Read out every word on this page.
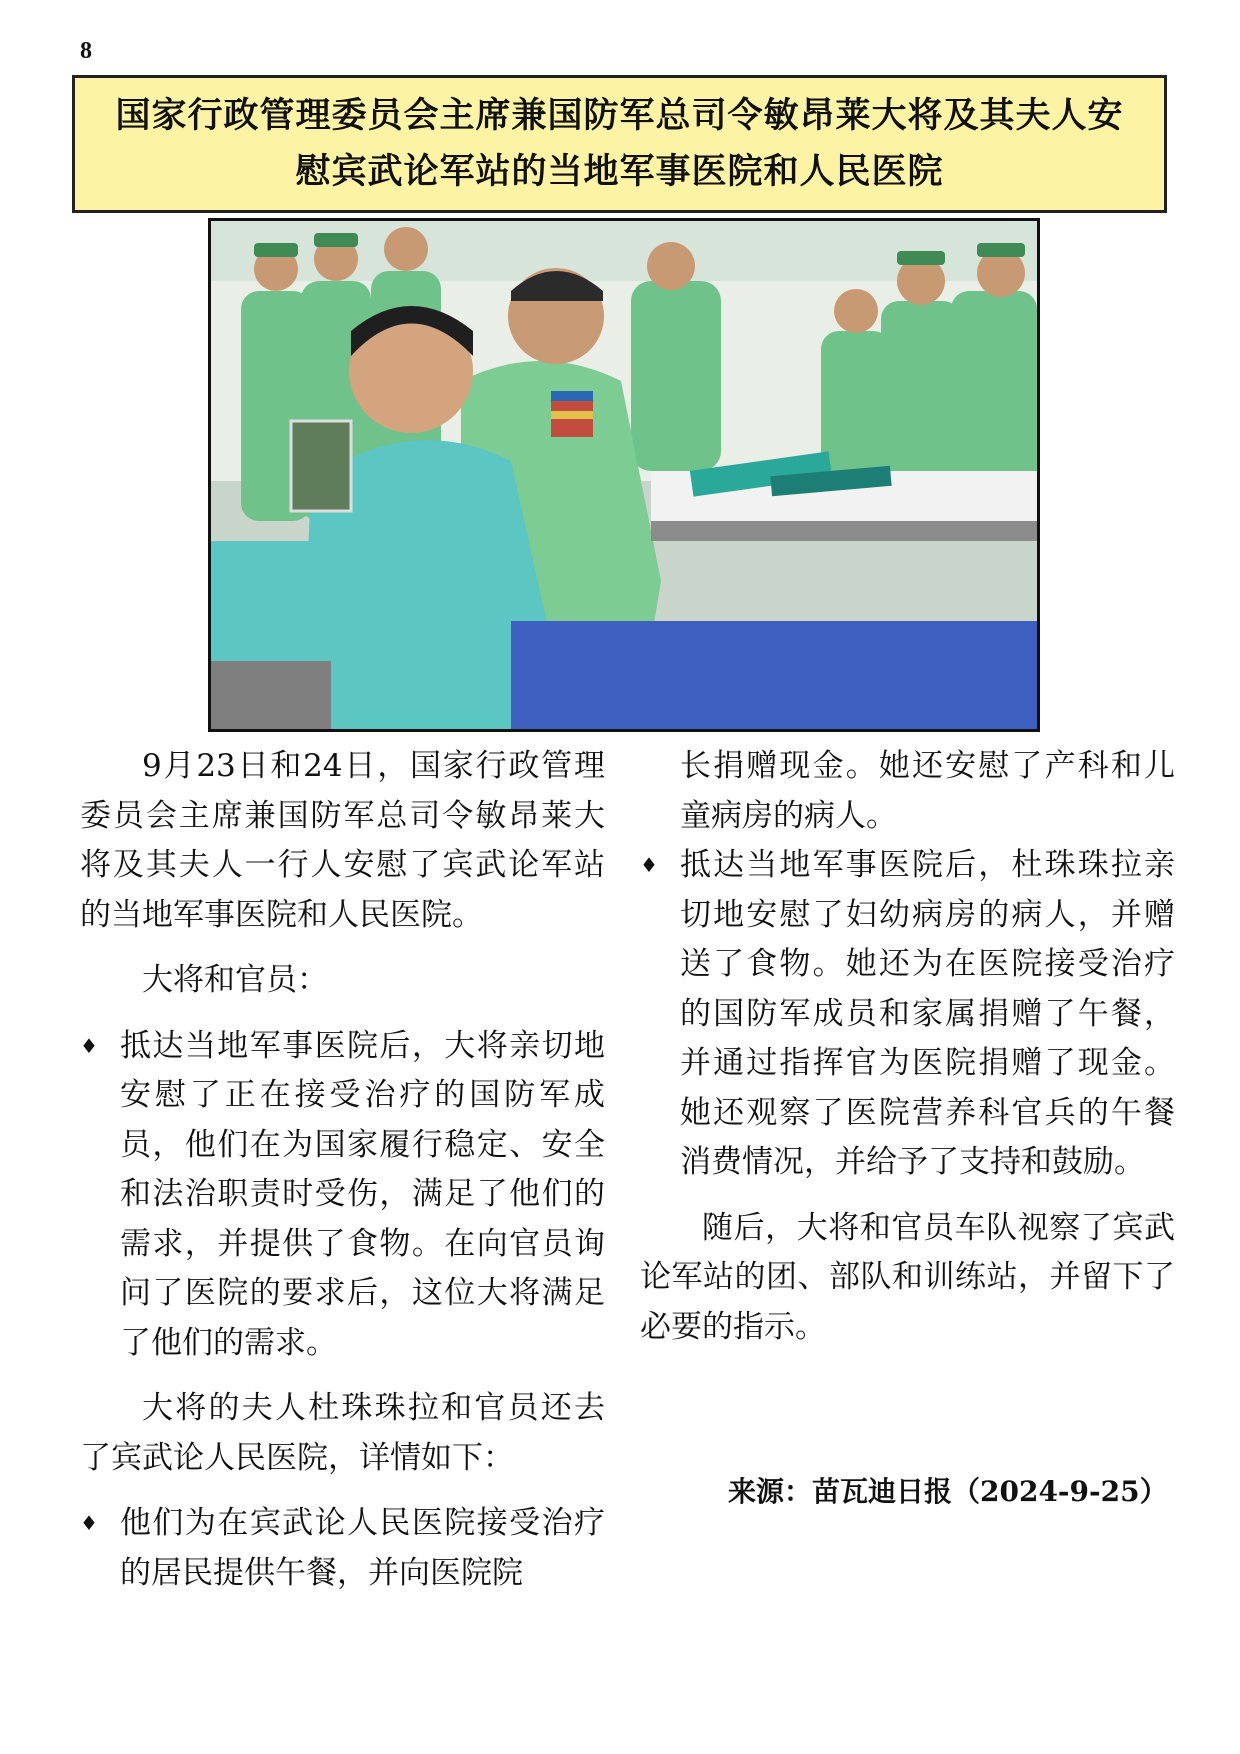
8
国家行政管理委员会主席兼国防军总司令敏昂莱大将及其夫人安
慰宾武论军站的当地军事医院和人民医院

9月23日和24日，国家行政管理委员会主席兼国防军总司令敏昂莱大将及其夫人一行人安慰了宾武论军站的当地军事医院和人民医院。

大将和官员：

♦ 抵达当地军事医院后，大将亲切地安慰了正在接受治疗的国防军成员，他们在为国家履行稳定、安全和法治职责时受伤，满足了他们的需求，并提供了食物。在向官员询问了医院的要求后，这位大将满足了他们的需求。

大将的夫人杜珠珠拉和官员还去了宾武论人民医院，详情如下：

♦ 他们为在宾武论人民医院接受治疗的居民提供午餐，并向医院院

长捐赠现金。她还安慰了产科和儿童病房的病人。

♦ 抵达当地军事医院后，杜珠珠拉亲切地安慰了妇幼病房的病人，并赠送了食物。她还为在医院接受治疗的国防军成员和家属捐赠了午餐，并通过指挥官为医院捐赠了现金。她还观察了医院营养科官兵的午餐消费情况，并给予了支持和鼓励。

随后，大将和官员车队视察了宾武论军站的团、部队和训练站，并留下了必要的指示。

来源：苗瓦迪日报（2024-9-25）
